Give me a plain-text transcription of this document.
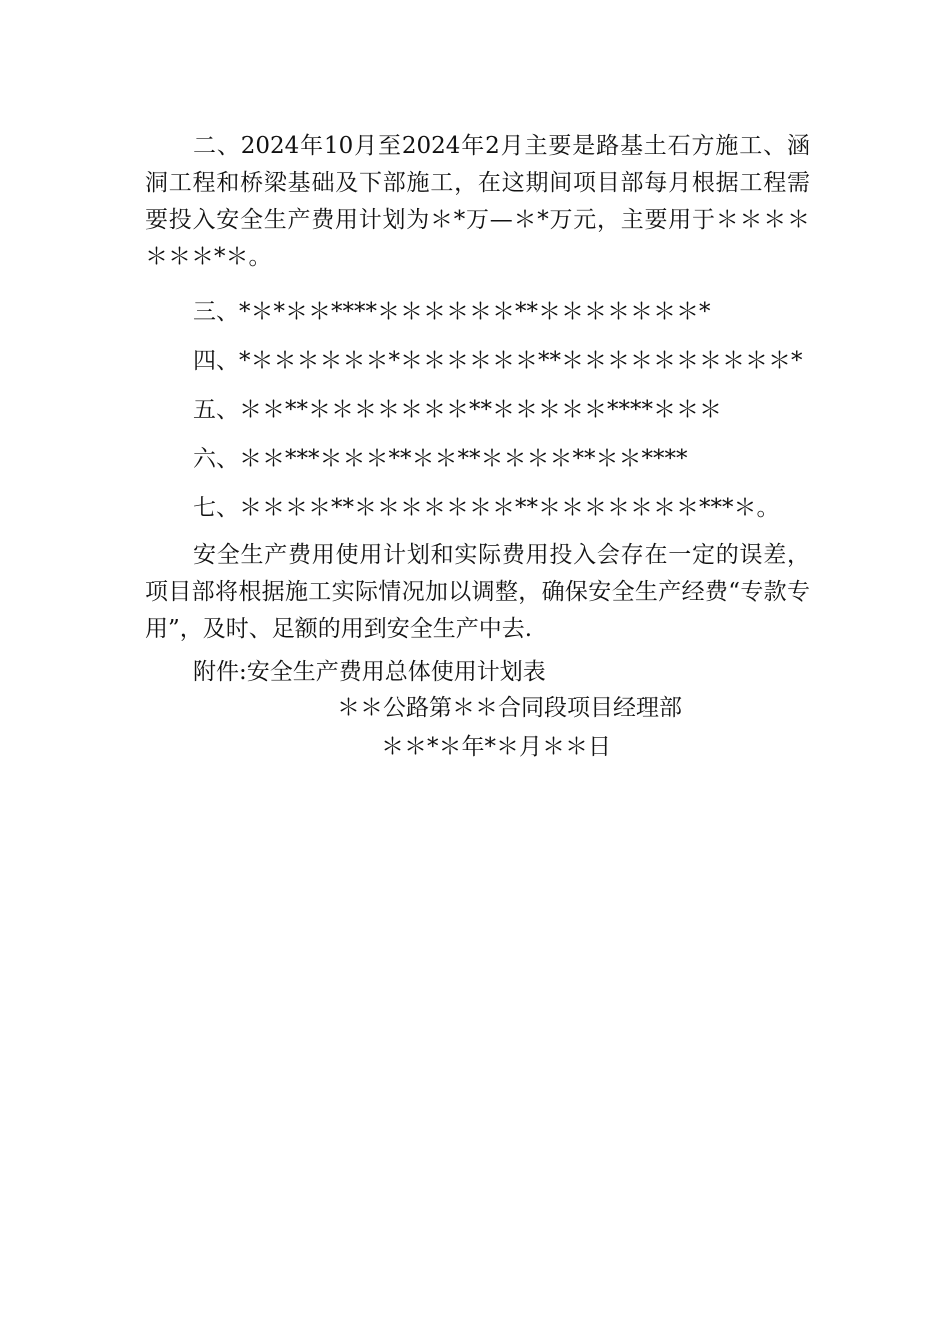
二、2024年10月至2024年2月主要是路基土石方施工、涵洞工程和桥梁基础及下部施工，在这期间项目部每月根据工程需要投入安全生产费用计划为＊*万—＊*万元，主要用于＊＊＊＊＊＊＊*＊。

三、*＊*＊＊****＊＊＊＊＊＊**＊＊＊＊＊＊＊*

四、*＊＊＊＊＊＊*＊＊＊＊＊＊**＊＊＊＊＊＊＊＊＊＊*

五、＊＊**＊＊＊＊＊＊＊**＊＊＊＊＊****＊＊＊

六、＊＊***＊＊＊**＊＊**＊＊＊＊**＊＊****

七、＊＊＊＊**＊＊＊＊＊＊＊**＊＊＊＊＊＊＊***＊。

安全生产费用使用计划和实际费用投入会存在一定的误差，项目部将根据施工实际情况加以调整，确保安全生产经费“专款专用”，及时、足额的用到安全生产中去.

附件:安全生产费用总体使用计划表

＊＊公路第＊＊合同段项目经理部
＊＊*＊年*＊月＊＊日
